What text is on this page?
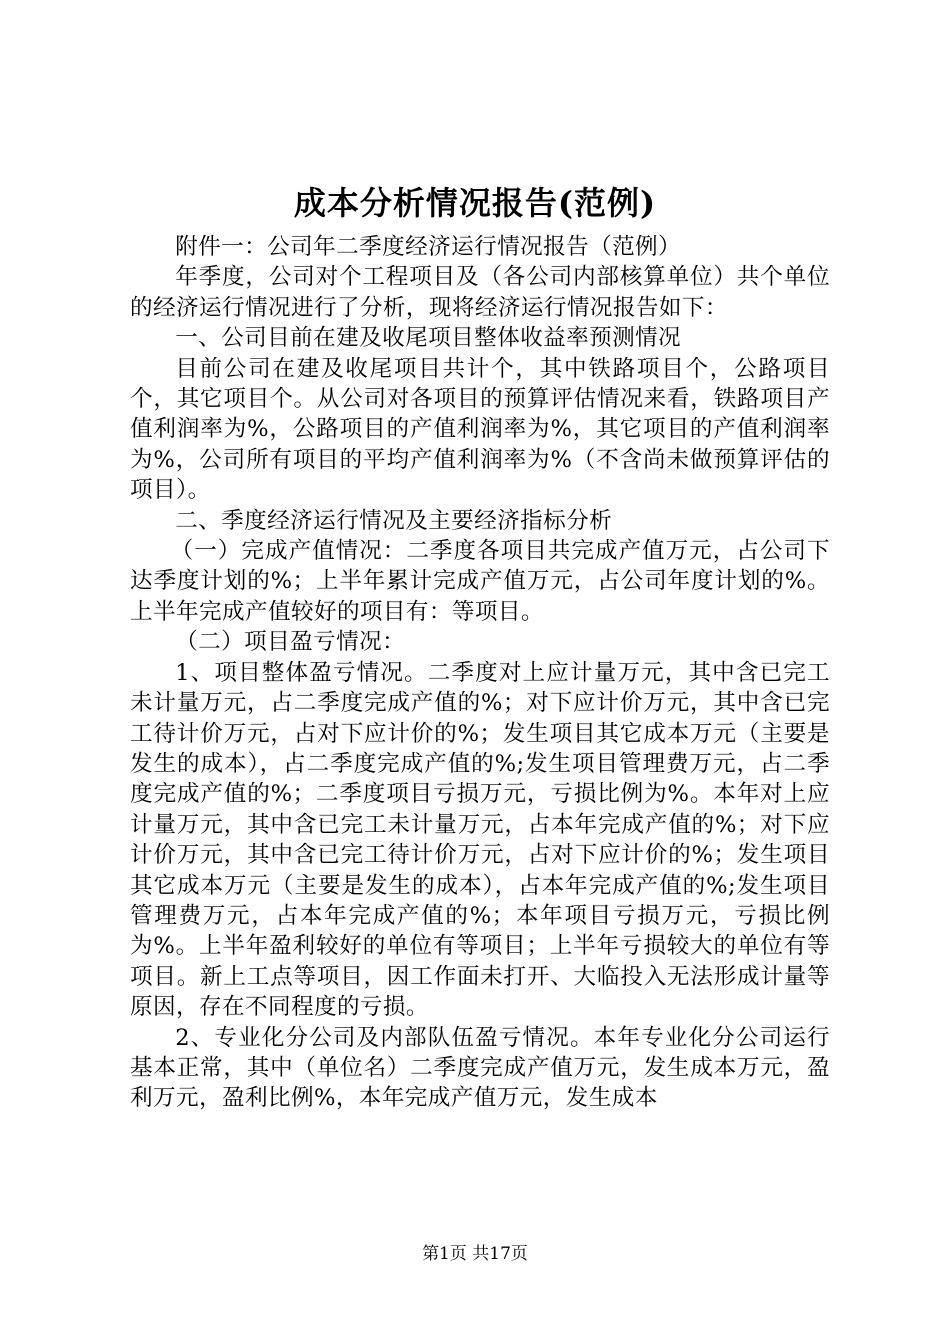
成本分析情况报告(范例)

附件一：公司年二季度经济运行情况报告（范例）

年季度，公司对个工程项目及（各公司内部核算单位）共个单位的经济运行情况进行了分析，现将经济运行情况报告如下：

一、公司目前在建及收尾项目整体收益率预测情况

目前公司在建及收尾项目共计个，其中铁路项目个，公路项目个，其它项目个。从公司对各项目的预算评估情况来看，铁路项目产值利润率为%，公路项目的产值利润率为%，其它项目的产值利润率为%，公司所有项目的平均产值利润率为%（不含尚未做预算评估的项目）。

二、季度经济运行情况及主要经济指标分析

（一）完成产值情况：二季度各项目共完成产值万元，占公司下达季度计划的%；上半年累计完成产值万元，占公司年度计划的%。上半年完成产值较好的项目有：等项目。

（二）项目盈亏情况：

1、项目整体盈亏情况。二季度对上应计量万元，其中含已完工未计量万元，占二季度完成产值的%；对下应计价万元，其中含已完工待计价万元，占对下应计价的%；发生项目其它成本万元（主要是发生的成本），占二季度完成产值的%;发生项目管理费万元，占二季度完成产值的%；二季度项目亏损万元，亏损比例为%。本年对上应计量万元，其中含已完工未计量万元，占本年完成产值的%；对下应计价万元，其中含已完工待计价万元，占对下应计价的%；发生项目其它成本万元（主要是发生的成本），占本年完成产值的%;发生项目管理费万元，占本年完成产值的%；本年项目亏损万元，亏损比例为%。上半年盈利较好的单位有等项目；上半年亏损较大的单位有等项目。新上工点等项目，因工作面未打开、大临投入无法形成计量等原因，存在不同程度的亏损。

2、专业化分公司及内部队伍盈亏情况。本年专业化分公司运行基本正常，其中（单位名）二季度完成产值万元，发生成本万元，盈利万元，盈利比例%，本年完成产值万元，发生成本

第1页 共17页
